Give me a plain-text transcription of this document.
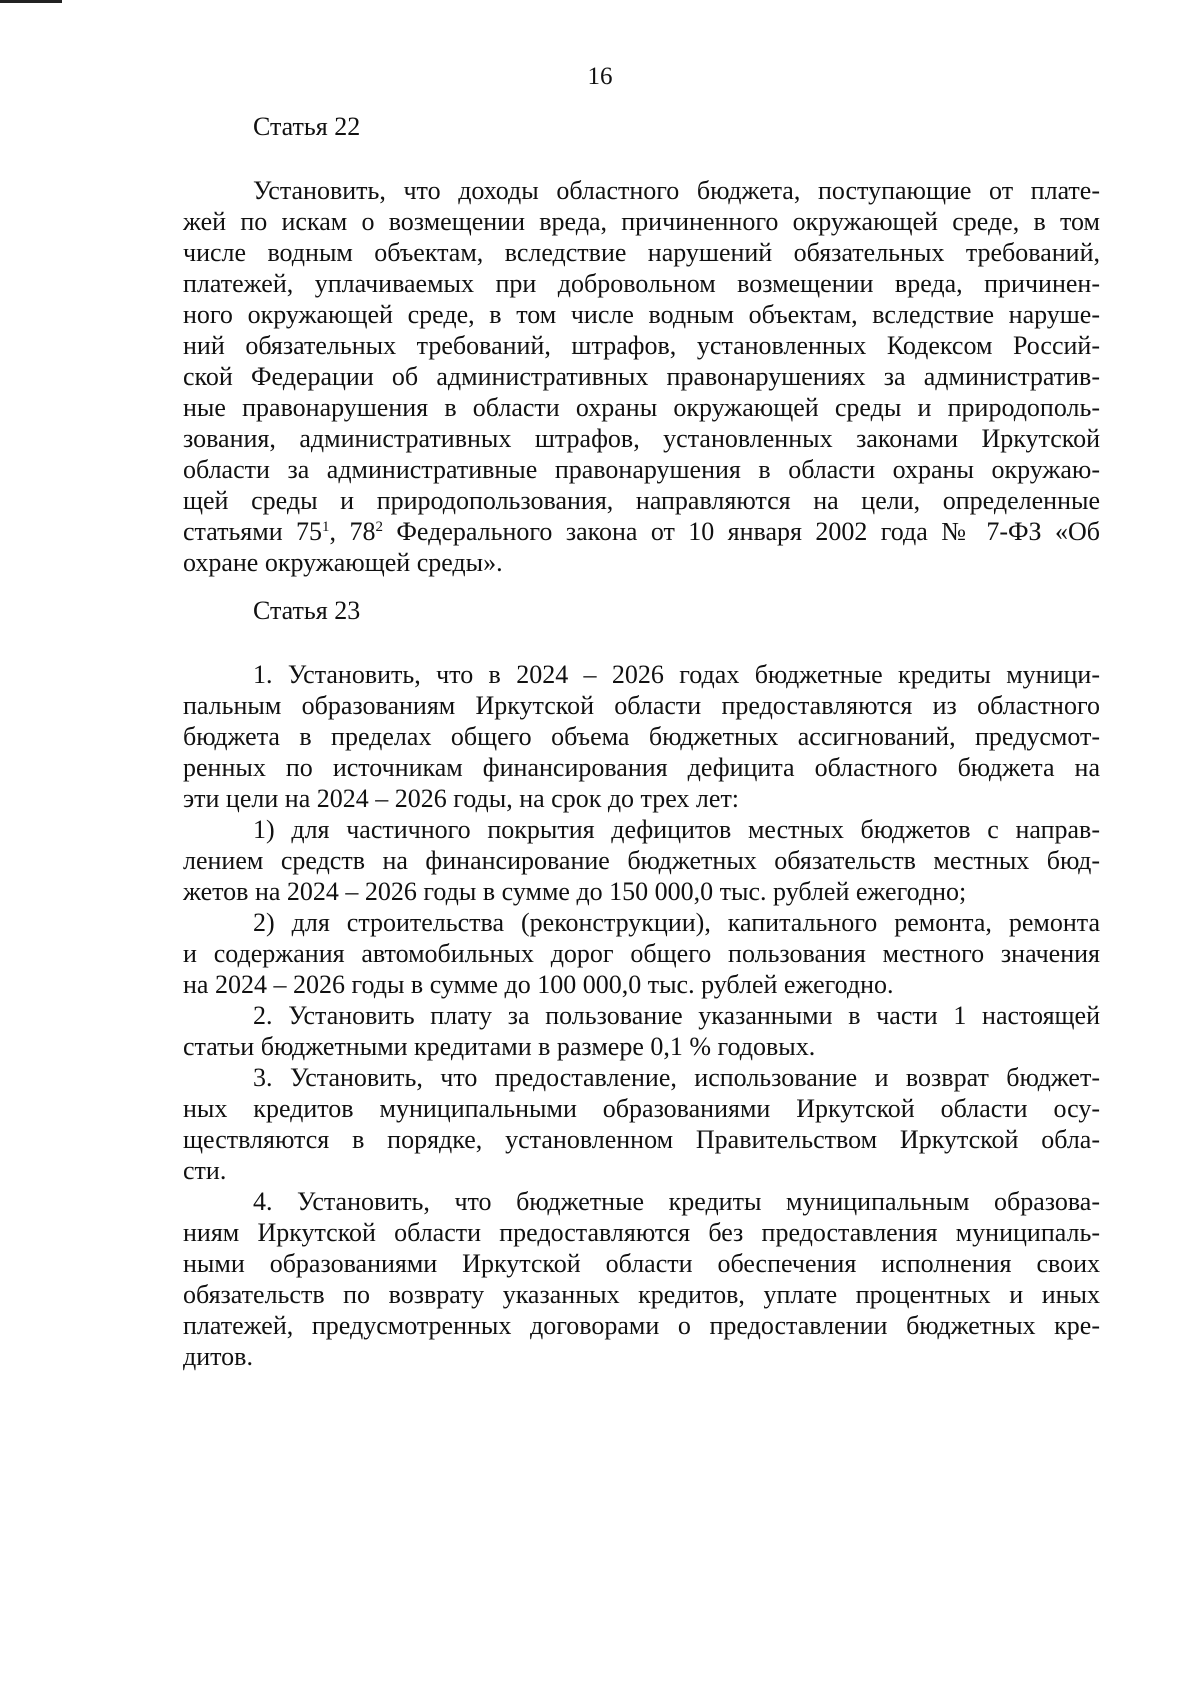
16
Статья 22
Установить, что доходы областного бюджета, поступающие от плате-
жей по искам о возмещении вреда, причиненного окружающей среде, в том
числе водным объектам, вследствие нарушений обязательных требований,
платежей, уплачиваемых при добровольном возмещении вреда, причинен-
ного окружающей среде, в том числе водным объектам, вследствие наруше-
ний обязательных требований, штрафов, установленных Кодексом Россий-
ской Федерации об административных правонарушениях за административ-
ные правонарушения в области охраны окружающей среды и природополь-
зования, административных штрафов, установленных законами Иркутской
области за административные правонарушения в области охраны окружаю-
щей среды и природопользования, направляются на цели, определенные
статьями $75^1$, $78^2$ Федерального закона от 10 января 2002 года № 7-ФЗ «Об
охране окружающей среды».
Статья 23
1. Установить, что в 2024 – 2026 годах бюджетные кредиты муници-
пальным образованиям Иркутской области предоставляются из областного
бюджета в пределах общего объема бюджетных ассигнований, предусмот-
ренных по источникам финансирования дефицита областного бюджета на
эти цели на 2024 – 2026 годы, на срок до трех лет:
1) для частичного покрытия дефицитов местных бюджетов с направ-
лением средств на финансирование бюджетных обязательств местных бюд-
жетов на 2024 – 2026 годы в сумме до 150 000,0 тыс. рублей ежегодно;
2) для строительства (реконструкции), капитального ремонта, ремонта
и содержания автомобильных дорог общего пользования местного значения
на 2024 – 2026 годы в сумме до 100 000,0 тыс. рублей ежегодно.
2. Установить плату за пользование указанными в части 1 настоящей
статьи бюджетными кредитами в размере 0,1 % годовых.
3. Установить, что предоставление, использование и возврат бюджет-
ных кредитов муниципальными образованиями Иркутской области осу-
ществляются в порядке, установленном Правительством Иркутской обла-
сти.
4. Установить, что бюджетные кредиты муниципальным образова-
ниям Иркутской области предоставляются без предоставления муниципаль-
ными образованиями Иркутской области обеспечения исполнения своих
обязательств по возврату указанных кредитов, уплате процентных и иных
платежей, предусмотренных договорами о предоставлении бюджетных кре-
дитов.
